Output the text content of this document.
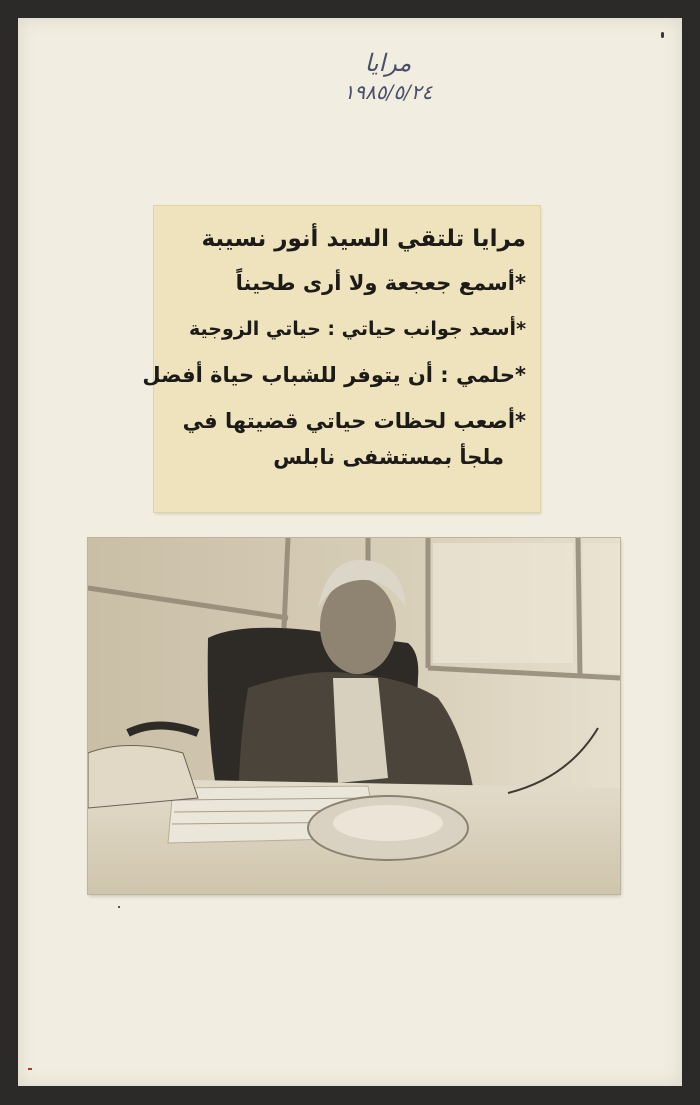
مرايا
١٩٨٥/٥/٢٤
مرايا تلتقي السيد أنور نسيبة
*أسمع جعجعة ولا أرى طحيناً
*أسعد جوانب حياتي : حياتي الزوجية
*حلمي : أن يتوفر للشباب حياة أفضل
*أصعب لحظات حياتي قضيتها في
ملجأ بمستشفى نابلس
